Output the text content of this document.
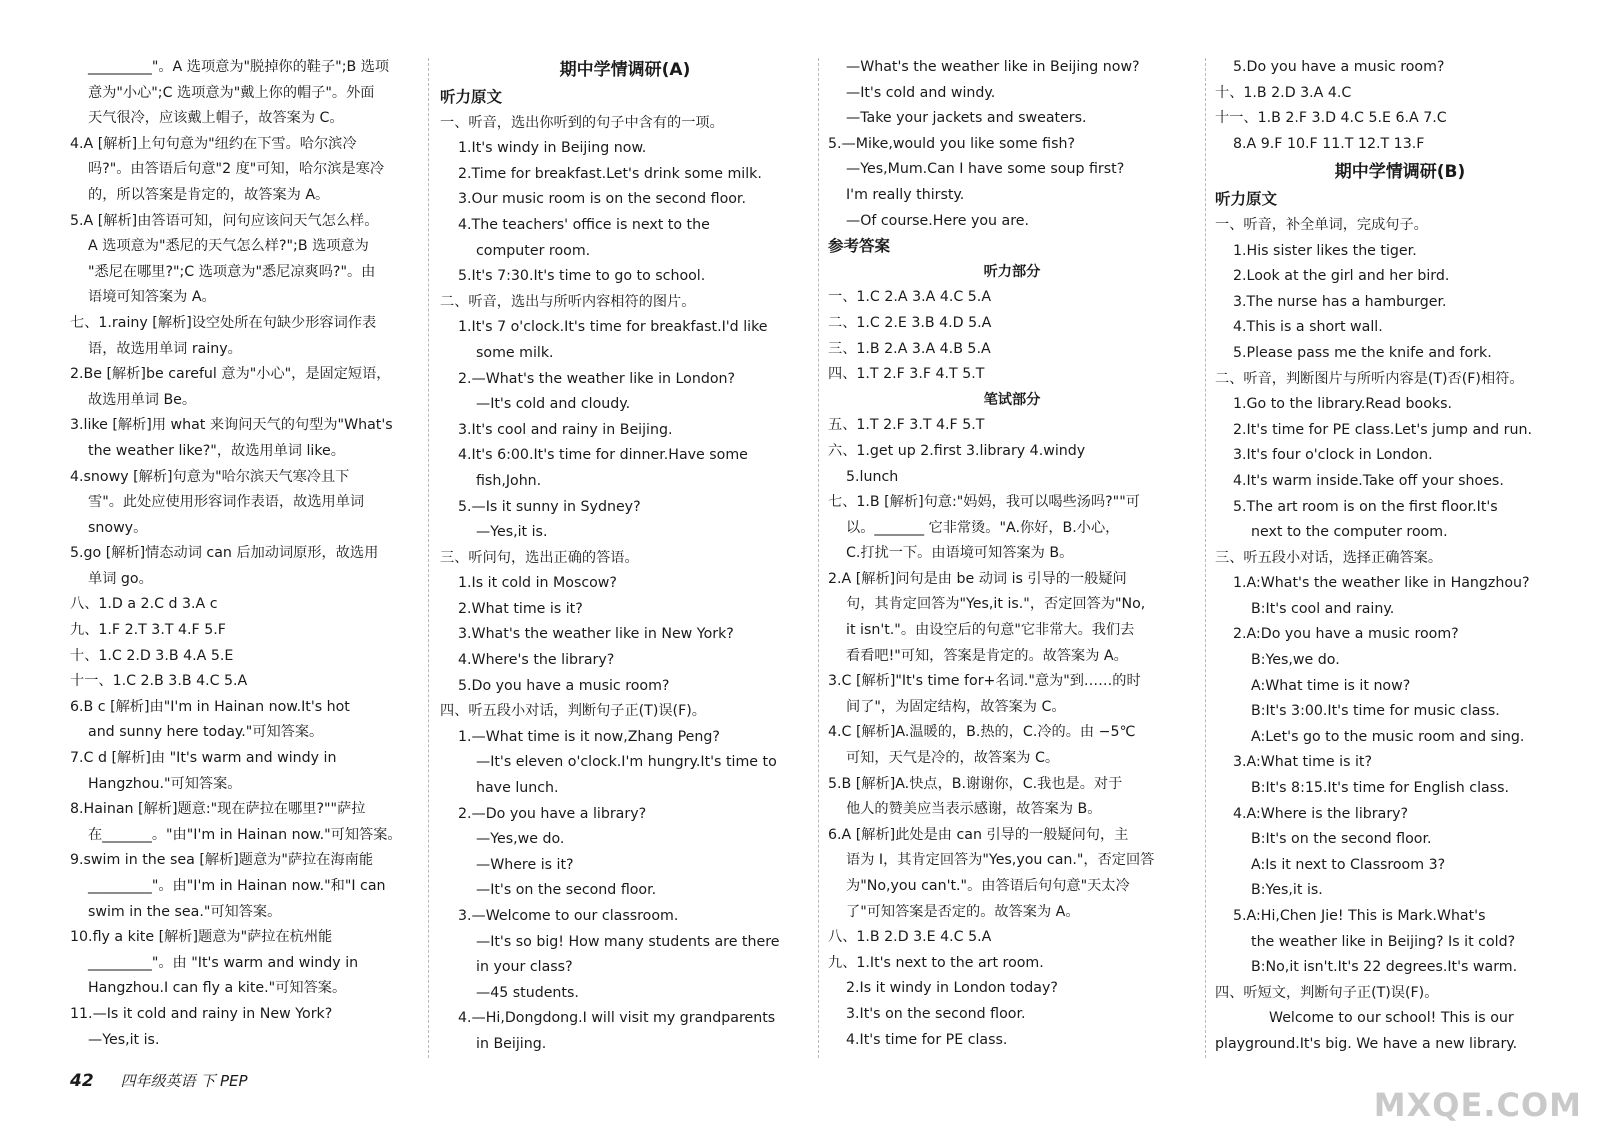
_________"。A 选项意为"脱掉你的鞋子";B 选项
意为"小心";C 选项意为"戴上你的帽子"。外面
天气很冷，应该戴上帽子，故答案为 C。
4.A [解析]上句句意为"纽约在下雪。哈尔滨冷
吗?"。由答语后句意"2 度"可知，哈尔滨是寒冷
的，所以答案是肯定的，故答案为 A。
5.A [解析]由答语可知，问句应该问天气怎么样。
A 选项意为"悉尼的天气怎么样?";B 选项意为
"悉尼在哪里?";C 选项意为"悉尼凉爽吗?"。由
语境可知答案为 A。
七、1.rainy [解析]设空处所在句缺少形容词作表
语，故选用单词 rainy。
2.Be [解析]be careful 意为"小心"，是固定短语，
故选用单词 Be。
3.like [解析]用 what 来询问天气的句型为"What's
the weather like?"，故选用单词 like。
4.snowy [解析]句意为"哈尔滨天气寒冷且下
雪"。此处应使用形容词作表语，故选用单词
snowy。
5.go [解析]情态动词 can 后加动词原形，故选用
单词 go。
八、1.D a 2.C d 3.A c
九、1.F 2.T 3.T 4.F 5.F
十、1.C 2.D 3.B 4.A 5.E
十一、1.C 2.B 3.B 4.C 5.A
6.B c [解析]由"I'm in Hainan now.It's hot
and sunny here today."可知答案。
7.C d [解析]由 "It's warm and windy in
Hangzhou."可知答案。
8.Hainan [解析]题意:"现在萨拉在哪里?""萨拉
在_______。"由"I'm in Hainan now."可知答案。
9.swim in the sea [解析]题意为"萨拉在海南能
_________"。由"I'm in Hainan now."和"I can
swim in the sea."可知答案。
10.fly a kite [解析]题意为"萨拉在杭州能
_________"。由 "It's warm and windy in
Hangzhou.I can fly a kite."可知答案。
11.—Is it cold and rainy in New York?
—Yes,it is.
期中学情调研(A)
听力原文
一、听音，选出你听到的句子中含有的一项。
1.It's windy in Beijing now.
2.Time for breakfast.Let's drink some milk.
3.Our music room is on the second floor.
4.The teachers' office is next to the
computer room.
5.It's 7:30.It's time to go to school.
二、听音，选出与所听内容相符的图片。
1.It's 7 o'clock.It's time for breakfast.I'd like
some milk.
2.—What's the weather like in London?
—It's cold and cloudy.
3.It's cool and rainy in Beijing.
4.It's 6:00.It's time for dinner.Have some
fish,John.
5.—Is it sunny in Sydney?
—Yes,it is.
三、听问句，选出正确的答语。
1.Is it cold in Moscow?
2.What time is it?
3.What's the weather like in New York?
4.Where's the library?
5.Do you have a music room?
四、听五段小对话，判断句子正(T)误(F)。
1.—What time is it now,Zhang Peng?
—It's eleven o'clock.I'm hungry.It's time to
have lunch.
2.—Do you have a library?
—Yes,we do.
—Where is it?
—It's on the second floor.
3.—Welcome to our classroom.
—It's so big! How many students are there
in your class?
—45 students.
4.—Hi,Dongdong.I will visit my grandparents
in Beijing.
—What's the weather like in Beijing now?
—It's cold and windy.
—Take your jackets and sweaters.
5.—Mike,would you like some fish?
—Yes,Mum.Can I have some soup first?
I'm really thirsty.
—Of course.Here you are.
参考答案
听力部分
一、1.C 2.A 3.A 4.C 5.A
二、1.C 2.E 3.B 4.D 5.A
三、1.B 2.A 3.A 4.B 5.A
四、1.T 2.F 3.F 4.T 5.T
笔试部分
五、1.T 2.F 3.T 4.F 5.T
六、1.get up 2.first 3.library 4.windy
5.lunch
七、1.B [解析]句意:"妈妈，我可以喝些汤吗?""可
以。_______ 它非常烫。"A.你好，B.小心，
C.打扰一下。由语境可知答案为 B。
2.A [解析]问句是由 be 动词 is 引导的一般疑问
句，其肯定回答为"Yes,it is."，否定回答为"No,
it isn't."。由设空后的句意"它非常大。我们去
看看吧!"可知，答案是肯定的。故答案为 A。
3.C [解析]"It's time for+名词."意为"到……的时
间了"，为固定结构，故答案为 C。
4.C [解析]A.温暖的，B.热的，C.冷的。由 −5℃
可知，天气是冷的，故答案为 C。
5.B [解析]A.快点，B.谢谢你，C.我也是。对于
他人的赞美应当表示感谢，故答案为 B。
6.A [解析]此处是由 can 引导的一般疑问句，主
语为 I，其肯定回答为"Yes,you can."，否定回答
为"No,you can't."。由答语后句句意"天太冷
了"可知答案是否定的。故答案为 A。
八、1.B 2.D 3.E 4.C 5.A
九、1.It's next to the art room.
2.Is it windy in London today?
3.It's on the second floor.
4.It's time for PE class.
5.Do you have a music room?
十、1.B 2.D 3.A 4.C
十一、1.B 2.F 3.D 4.C 5.E 6.A 7.C
8.A 9.F 10.F 11.T 12.T 13.F
期中学情调研(B)
听力原文
一、听音，补全单词，完成句子。
1.His sister likes the tiger.
2.Look at the girl and her bird.
3.The nurse has a hamburger.
4.This is a short wall.
5.Please pass me the knife and fork.
二、听音，判断图片与所听内容是(T)否(F)相符。
1.Go to the library.Read books.
2.It's time for PE class.Let's jump and run.
3.It's four o'clock in London.
4.It's warm inside.Take off your shoes.
5.The art room is on the first floor.It's
next to the computer room.
三、听五段小对话，选择正确答案。
1.A:What's the weather like in Hangzhou?
B:It's cool and rainy.
2.A:Do you have a music room?
B:Yes,we do.
A:What time is it now?
B:It's 3:00.It's time for music class.
A:Let's go to the music room and sing.
3.A:What time is it?
B:It's 8:15.It's time for English class.
4.A:Where is the library?
B:It's on the second floor.
A:Is it next to Classroom 3?
B:Yes,it is.
5.A:Hi,Chen Jie! This is Mark.What's
the weather like in Beijing? Is it cold?
B:No,it isn't.It's 22 degrees.It's warm.
四、听短文，判断句子正(T)误(F)。
Welcome to our school! This is our
playground.It's big. We have a new library.
42 四年级英语 下 PEP
MXQE.COM
